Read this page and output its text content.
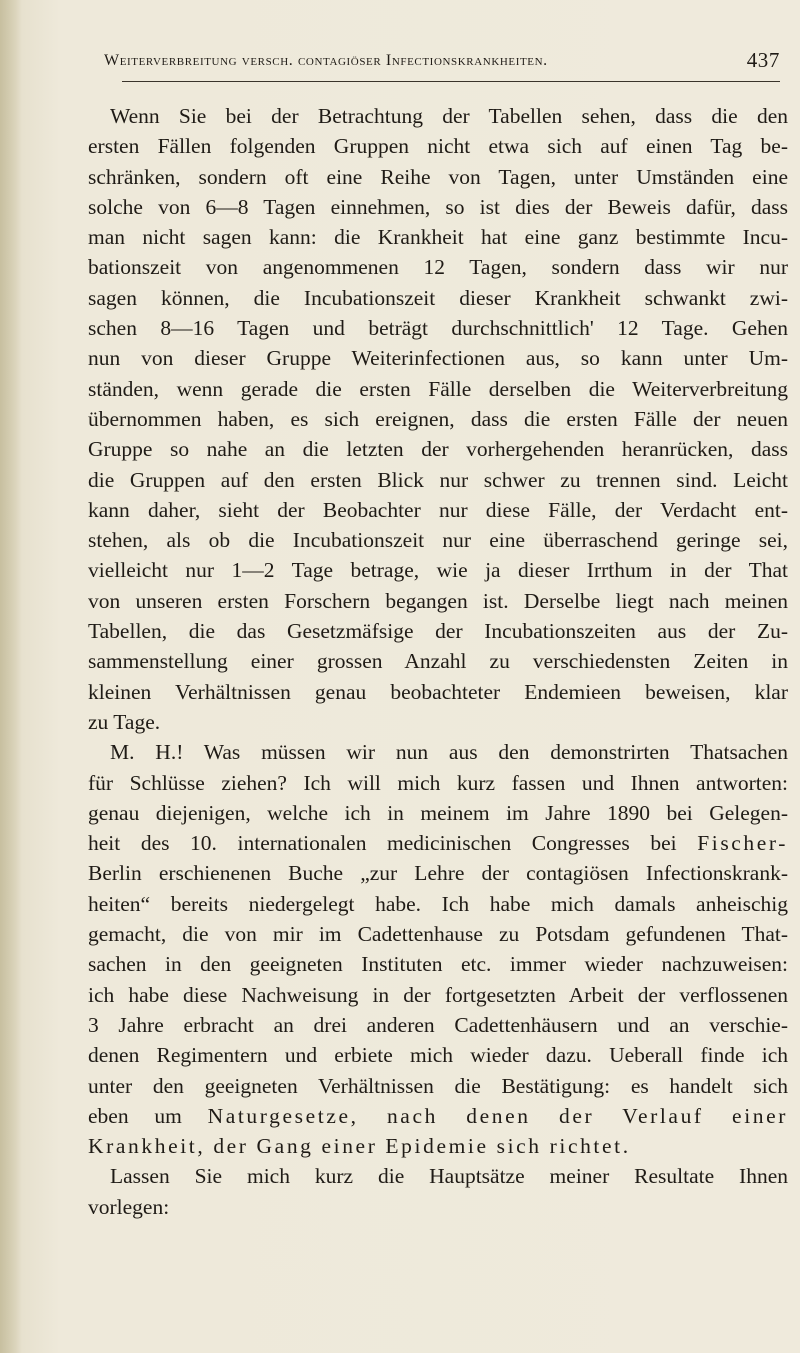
Weiterverbreitung versch. contagiöser Infectionskrankheiten.	437

Wenn Sie bei der Betrachtung der Tabellen sehen, dass die den

ersten Fällen folgenden Gruppen nicht etwa sich auf einen Tag be-

schränken, sondern oft eine Reihe von Tagen, unter Umständen eine

solche von 6—8 Tagen einnehmen, so ist dies der Beweis dafür, dass

man nicht sagen kann: die Krankheit hat eine ganz bestimmte Incu-

bationszeit von angenommenen 12 Tagen, sondern dass wir nur

sagen können, die Incubationszeit dieser Krankheit schwankt zwi-

schen 8—16 Tagen und beträgt durchschnittlich' 12 Tage. Gehen

nun von dieser Gruppe Weiterinfectionen aus, so kann unter Um-

ständen, wenn gerade die ersten Fälle derselben die Weiterverbreitung

übernommen haben, es sich ereignen, dass die ersten Fälle der neuen

Gruppe so nahe an die letzten der vorhergehenden heranrücken, dass

die Gruppen auf den ersten Blick nur schwer zu trennen sind. Leicht

kann daher, sieht der Beobachter nur diese Fälle, der Verdacht ent-

stehen, als ob die Incubationszeit nur eine überraschend geringe sei,

vielleicht nur 1—2 Tage betrage, wie ja dieser Irrthum in der That

von unseren ersten Forschern begangen ist. Derselbe liegt nach meinen

Tabellen, die das Gesetzmäfsige der Incubationszeiten aus der Zu-

sammenstellung einer grossen Anzahl zu verschiedensten Zeiten in

kleinen Verhältnissen genau beobachteter Endemieen beweisen, klar

zu Tage.

M. H.! Was müssen wir nun aus den demonstrirten Thatsachen

für Schlüsse ziehen? Ich will mich kurz fassen und Ihnen antworten:

genau diejenigen, welche ich in meinem im Jahre 1890 bei Gelegen-

heit des 10. internationalen medicinischen Congresses bei Fischer-

Berlin erschienenen Buche „zur Lehre der contagiösen Infectionskrank-

heiten“ bereits niedergelegt habe. Ich habe mich damals anheischig

gemacht, die von mir im Cadettenhause zu Potsdam gefundenen That-

sachen in den geeigneten Instituten etc. immer wieder nachzuweisen:

ich habe diese Nachweisung in der fortgesetzten Arbeit der verflossenen

3 Jahre erbracht an drei anderen Cadettenhäusern und an verschie-

denen Regimentern und erbiete mich wieder dazu. Ueberall finde ich

unter den geeigneten Verhältnissen die Bestätigung: es handelt sich

eben um Naturgesetze, nach denen der Verlauf einer

Krankheit, der Gang einer Epidemie sich richtet.

Lassen Sie mich kurz die Hauptsätze meiner Resultate Ihnen

vorlegen:
